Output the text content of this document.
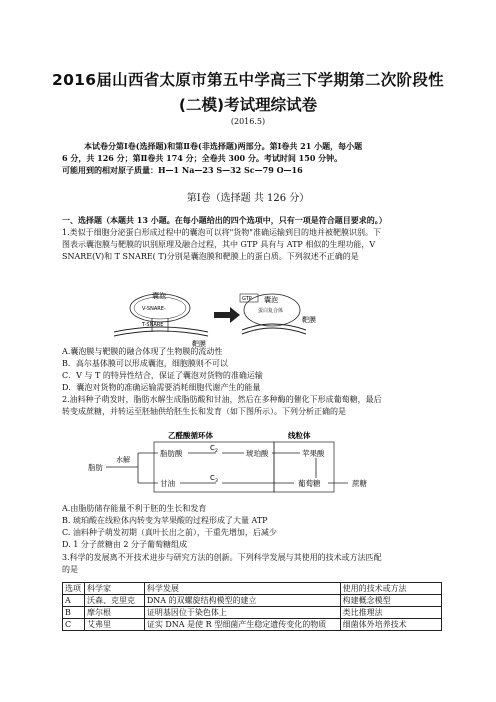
2016届山西省太原市第五中学高三下学期第二次阶段性
(二模)考试理综试卷
(2016.5)
本试卷分第Ⅰ卷(选择题)和第Ⅱ卷(非选择题)两部分。第Ⅰ卷共 21 小题，每小题
6 分，共 126 分；第Ⅱ卷共 174 分；全卷共 300 分。考试时间 150 分钟。
可能用到的相对原子质量：H—1 Na—23 S—32 Sc—79 O—16
第Ⅰ卷（选择题 共 126 分）
一、选择题（本题共 13 小题。在每小题给出的四个选项中，只有一项是符合题目要求的。）
1.类似于细胞分泌蛋白形成过程中的囊泡可以将"货物"准确运输到目的地并被靶膜识别。下
图表示囊泡膜与靶膜的识别原理及融合过程，其中 GTP 具有与 ATP 相似的生理功能，V
SNARE(V)和 T SNARE( T)分别是囊泡膜和靶膜上的蛋白质。下列叙述不正确的是
囊泡
V-SNARE-
T-SNARE
靶膜
GTP 囊泡
蛋白复合体
靶膜
A.囊泡膜与靶膜的融合体现了生物膜的流动性
B．高尔基体膜可以形成囊泡，细胞膜则不可以
C．V 与 T 的特异性结合，保证了囊泡对货物的准确运输
D．囊泡对货物的准确运输需要消耗细胞代谢产生的能量
2.油料种子萌发时，脂肪水解生成脂肪酸和甘油，然后在多种酶的催化下形成葡萄糖，最后
转变成蔗糖，并转运至胚轴供给胚生长和发育（如下图所示）。下列分析正确的是
乙醛酸循环体	线粒体
脂肪
水解
脂肪酸
C 2	琥珀酸	苹果酸
甘油
C 3	葡萄糖	蔗糖
A.由脂肪储存能量不利于胚的生长和发育
B. 琥珀酸在线粒体内转变为苹果酸的过程形成了大量 ATP
C. 油料种子萌发初期（真叶长出之前），干重先增加，后减少
D. 1 分子蔗糖由 2 分子葡萄糖组成
3.科学的发展离不开技术进步与研究方法的创新。下列科学发展与其使用的技术或方法匹配
的是
选项	科学家	科学发展	使用的技术或方法
A	沃森、克里克	DNA 的双螺旋结构模型的建立	构建概念模型
B	摩尔根	证明基因位于染色体上	类比推理法
C	艾弗里	证实 DNA 是使 R 型细菌产生稳定遗传变化的物质	细菌体外培养技术
